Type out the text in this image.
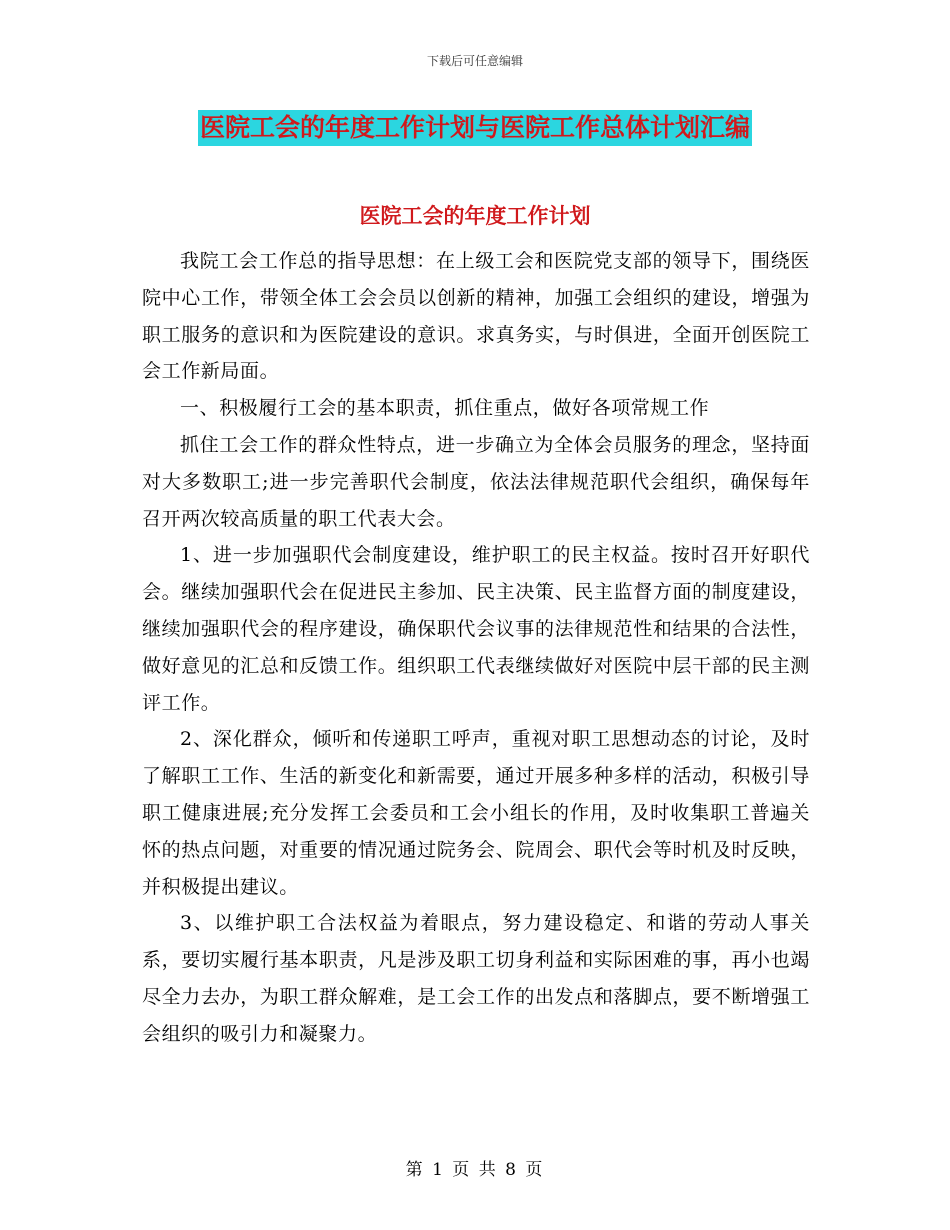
下载后可任意编辑
医院工会的年度工作计划与医院工作总体计划汇编
医院工会的年度工作计划

我院工会工作总的指导思想：在上级工会和医院党支部的领导下，围绕医院中心工作，带领全体工会会员以创新的精神，加强工会组织的建设，增强为职工服务的意识和为医院建设的意识。求真务实，与时俱进，全面开创医院工会工作新局面。

一、积极履行工会的基本职责，抓住重点，做好各项常规工作

抓住工会工作的群众性特点，进一步确立为全体会员服务的理念，坚持面对大多数职工;进一步完善职代会制度，依法法律规范职代会组织，确保每年召开两次较高质量的职工代表大会。

1、进一步加强职代会制度建设，维护职工的民主权益。按时召开好职代会。继续加强职代会在促进民主参加、民主决策、民主监督方面的制度建设，继续加强职代会的程序建设，确保职代会议事的法律规范性和结果的合法性，做好意见的汇总和反馈工作。组织职工代表继续做好对医院中层干部的民主测评工作。

2、深化群众，倾听和传递职工呼声，重视对职工思想动态的讨论，及时了解职工工作、生活的新变化和新需要，通过开展多种多样的活动，积极引导职工健康进展;充分发挥工会委员和工会小组长的作用，及时收集职工普遍关怀的热点问题，对重要的情况通过院务会、院周会、职代会等时机及时反映，并积极提出建议。

3、以维护职工合法权益为着眼点，努力建设稳定、和谐的劳动人事关系，要切实履行基本职责，凡是涉及职工切身利益和实际困难的事，再小也竭尽全力去办，为职工群众解难，是工会工作的出发点和落脚点，要不断增强工会组织的吸引力和凝聚力。

第 1 页 共 8 页
